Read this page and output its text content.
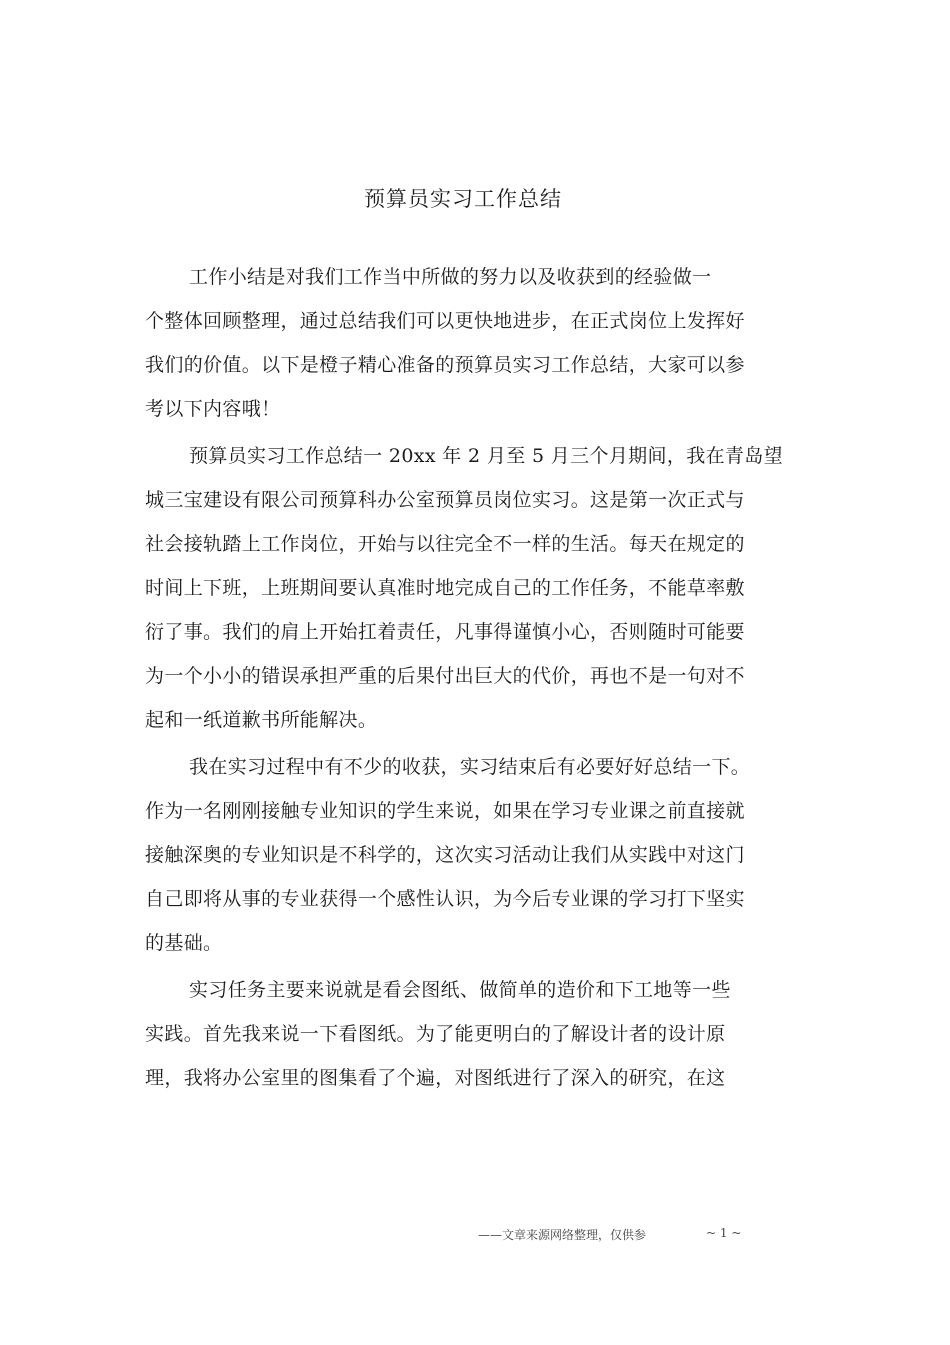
预算员实习工作总结
工作小结是对我们工作当中所做的努力以及收获到的经验做一
个整体回顾整理，通过总结我们可以更快地进步，在正式岗位上发挥好
我们的价值。以下是橙子精心准备的预算员实习工作总结，大家可以参
考以下内容哦！
预算员实习工作总结一 20xx 年 2 月至 5 月三个月期间，我在青岛望
城三宝建设有限公司预算科办公室预算员岗位实习。这是第一次正式与
社会接轨踏上工作岗位，开始与以往完全不一样的生活。每天在规定的
时间上下班，上班期间要认真准时地完成自己的工作任务，不能草率敷
衍了事。我们的肩上开始扛着责任，凡事得谨慎小心，否则随时可能要
为一个小小的错误承担严重的后果付出巨大的代价，再也不是一句对不
起和一纸道歉书所能解决。
我在实习过程中有不少的收获，实习结束后有必要好好总结一下。
作为一名刚刚接触专业知识的学生来说，如果在学习专业课之前直接就
接触深奥的专业知识是不科学的，这次实习活动让我们从实践中对这门
自己即将从事的专业获得一个感性认识，为今后专业课的学习打下坚实
的基础。
实习任务主要来说就是看会图纸、做简单的造价和下工地等一些
实践。首先我来说一下看图纸。为了能更明白的了解设计者的设计原
理，我将办公室里的图集看了个遍，对图纸进行了深入的研究，在这
——文章来源网络整理，仅供参	~ 1 ~
